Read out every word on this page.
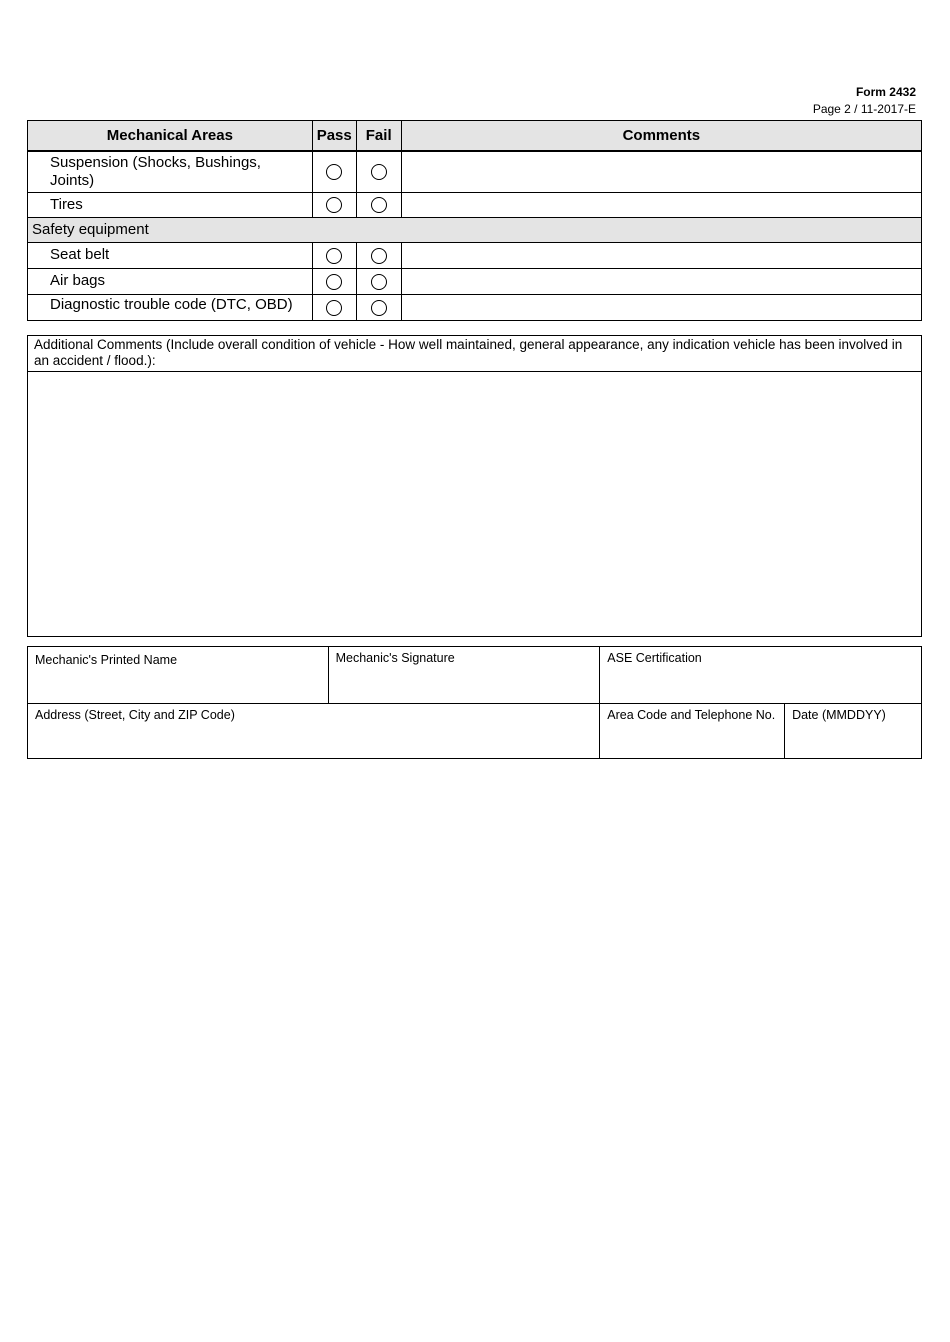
Form 2432
Page 2 / 11-2017-E
Mechanical Areas	Pass	Fail	Comments
Suspension (Shocks, Bushings, Joints)			
Tires			
Safety equipment			
Seat belt			
Air bags			
Diagnostic trouble code (DTC, OBD)			
Additional Comments (Include overall condition of vehicle - How well maintained, general appearance, any indication vehicle has been involved in an accident / flood.):
Mechanic's Printed Name	Mechanic's Signature	ASE Certification	
Address (Street, City and ZIP Code)		Area Code and Telephone No.	Date (MMDDYY)
